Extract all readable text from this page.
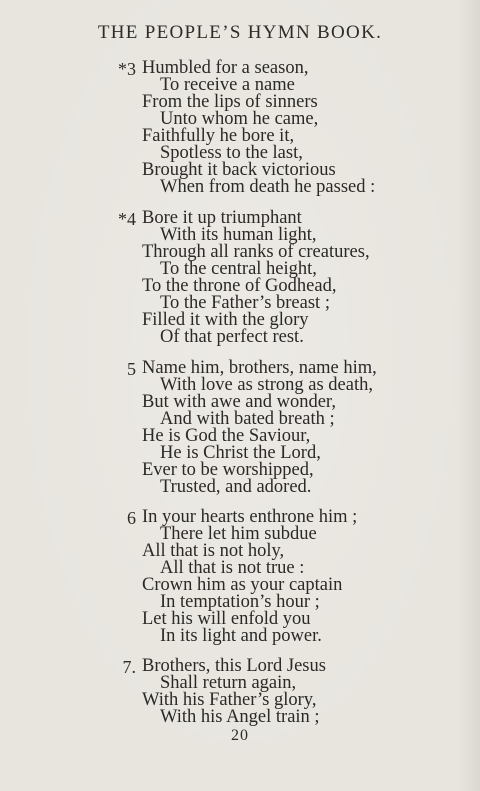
THE PEOPLE’S HYMN BOOK.
*3 Humbled for a season,
To receive a name
From the lips of sinners
Unto whom he came,
Faithfully he bore it,
Spotless to the last,
Brought it back victorious
When from death he passed :
*4 Bore it up triumphant
With its human light,
Through all ranks of creatures,
To the central height,
To the throne of Godhead,
To the Father’s breast ;
Filled it with the glory
Of that perfect rest.
5 Name him, brothers, name him,
With love as strong as death,
But with awe and wonder,
And with bated breath ;
He is God the Saviour,
He is Christ the Lord,
Ever to be worshipped,
Trusted, and adored.
6 In your hearts enthrone him ;
There let him subdue
All that is not holy,
All that is not true :
Crown him as your captain
In temptation’s hour ;
Let his will enfold you
In its light and power.
7. Brothers, this Lord Jesus
Shall return again,
With his Father’s glory,
With his Angel train ;
20
